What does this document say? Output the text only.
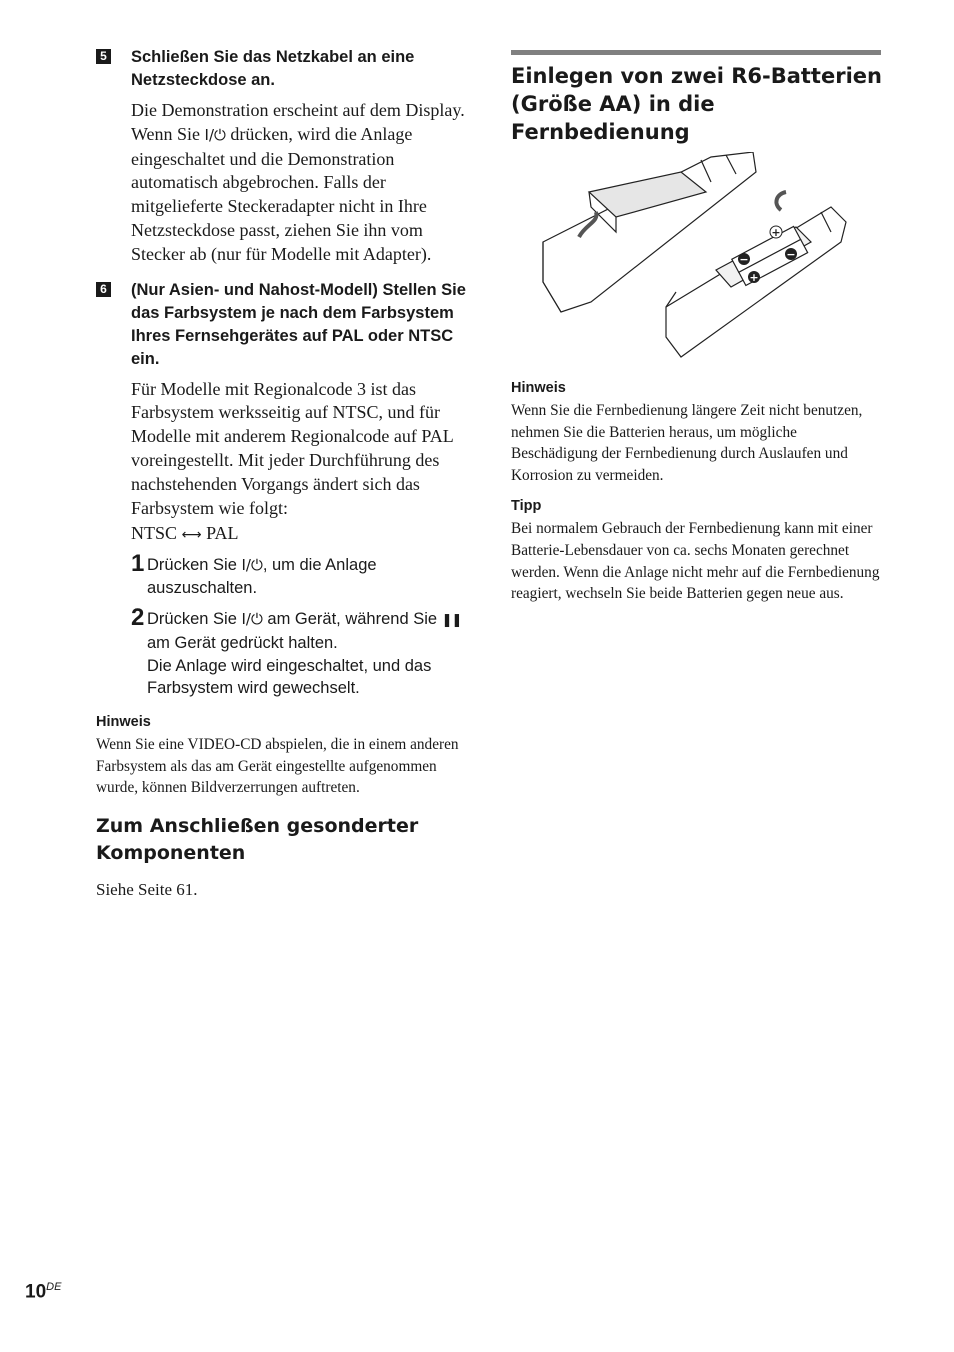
5 Schließen Sie das Netzkabel an eine Netzsteckdose an.

Die Demonstration erscheint auf dem Display. Wenn Sie I/⏻ drücken, wird die Anlage eingeschaltet und die Demonstration automatisch abgebrochen. Falls der mitgelieferte Steckeradapter nicht in Ihre Netzsteckdose passt, ziehen Sie ihn vom Stecker ab (nur für Modelle mit Adapter).

6 (Nur Asien- und Nahost-Modell) Stellen Sie das Farbsystem je nach dem Farbsystem Ihres Fernsehgerätes auf PAL oder NTSC ein.

Für Modelle mit Regionalcode 3 ist das Farbsystem werksseitig auf NTSC, und für Modelle mit anderem Regionalcode auf PAL voreingestellt. Mit jeder Durchführung des nachstehenden Vorgangs ändert sich das Farbsystem wie folgt:

NTSC ⟷ PAL

1 Drücken Sie I/⏻, um die Anlage auszuschalten.

2 Drücken Sie I/⏻ am Gerät, während Sie ❚❚ am Gerät gedrückt halten.
Die Anlage wird eingeschaltet, und das Farbsystem wird gewechselt.

Hinweis

Wenn Sie eine VIDEO-CD abspielen, die in einem anderen Farbsystem als das am Gerät eingestellte aufgenommen wurde, können Bildverzerrungen auftreten.

Zum Anschließen gesonderter Komponenten

Siehe Seite 61.

Einlegen von zwei R6-Batterien (Größe AA) in die Fernbedienung

+
−	−
+

Hinweis

Wenn Sie die Fernbedienung längere Zeit nicht benutzen, nehmen Sie die Batterien heraus, um mögliche Beschädigung der Fernbedienung durch Auslaufen und Korrosion zu vermeiden.

Tipp

Bei normalem Gebrauch der Fernbedienung kann mit einer Batterie-Lebensdauer von ca. sechs Monaten gerechnet werden. Wenn die Anlage nicht mehr auf die Fernbedienung reagiert, wechseln Sie beide Batterien gegen neue aus.

10DE
